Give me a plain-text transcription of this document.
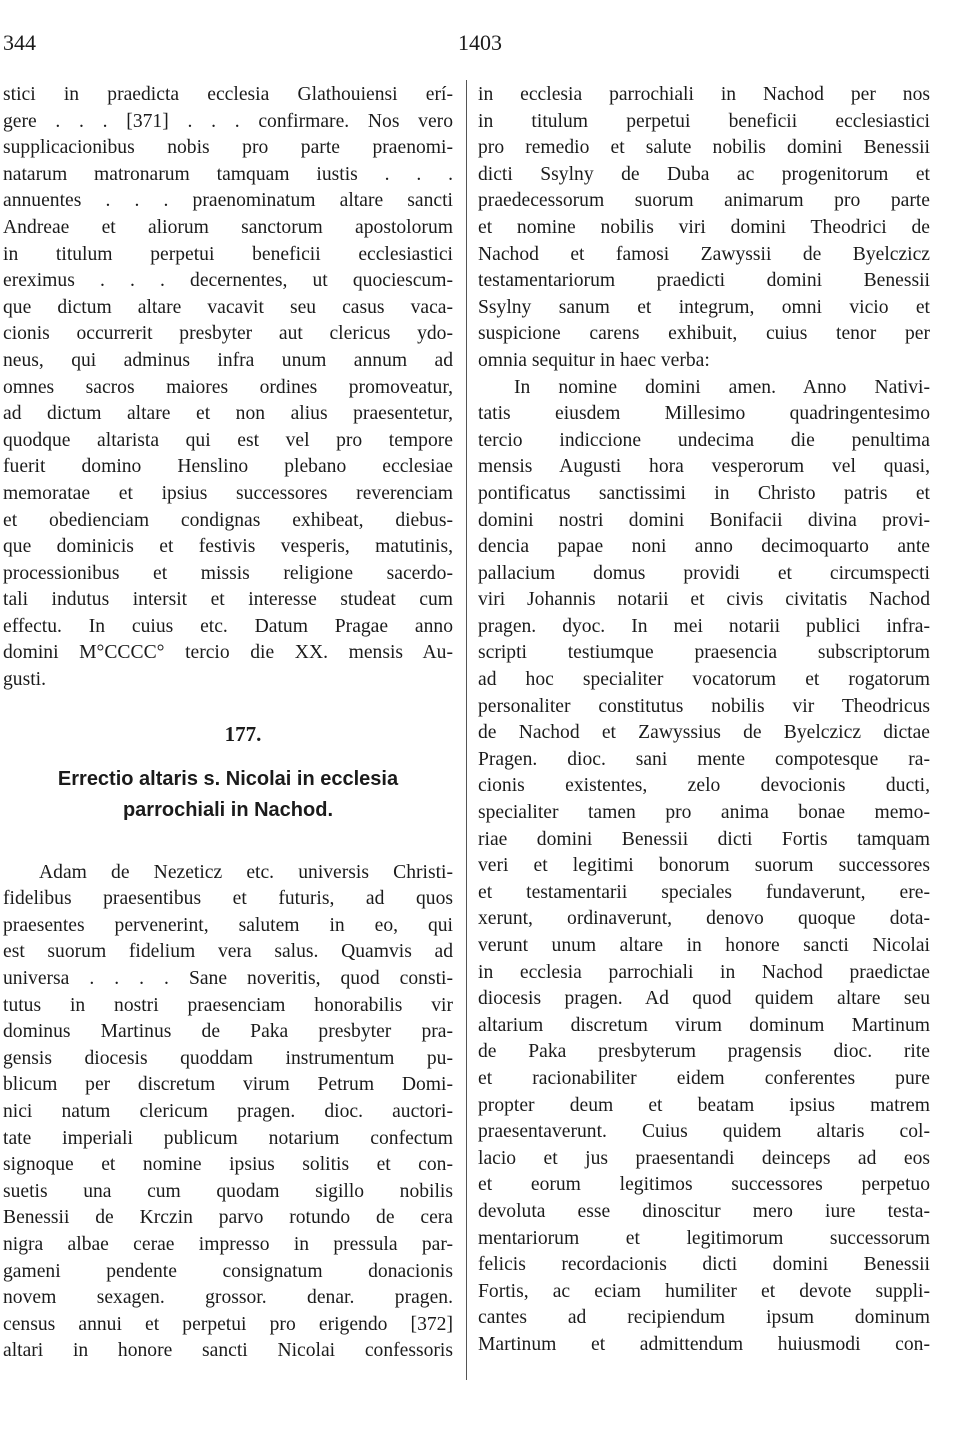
344	1403
stici in praedicta ecclesia Glathouiensi erí-
gere . . . [371] . . . confirmare. Nos vero
supplicacionibus nobis pro parte praenomi-
natarum matronarum tamquam iustis . . .
annuentes . . . praenominatum altare sancti
Andreae et aliorum sanctorum apostolorum
in titulum perpetui beneficii ecclesiastici
ereximus . . . decernentes, ut quociescum-
que dictum altare vacavit seu casus vaca-
cionis occurrerit presbyter aut clericus ydo-
neus, qui adminus infra unum annum ad
omnes sacros maiores ordines promoveatur,
ad dictum altare et non alius praesentetur,
quodque altarista qui est vel pro tempore
fuerit domino Henslino plebano ecclesiae
memoratae et ipsius successores reverenciam
et obedienciam condignas exhibeat, diebus-
que dominicis et festivis vesperis, matutinis,
processionibus et missis religione sacerdo-
tali indutus intersit et interesse studeat cum
effectu. In cuius etc. Datum Pragae anno
domini M°CCCC° tercio die XX. mensis Au-
gusti.
177.
Errectio altaris s. Nicolai in ecclesia
parrochiali in Nachod.
Adam de Nezeticz etc. universis Christi-
fidelibus praesentibus et futuris, ad quos
praesentes pervenerint, salutem in eo, qui
est suorum fidelium vera salus. Quamvis ad
universa . . . . Sane noveritis, quod consti-
tutus in nostri praesenciam honorabilis vir
dominus Martinus de Paka presbyter pra-
gensis diocesis quoddam instrumentum pu-
blicum per discretum virum Petrum Domi-
nici natum clericum pragen. dioc. auctori-
tate imperiali publicum notarium confectum
signoque et nomine ipsius solitis et con-
suetis una cum quodam sigillo nobilis
Benessii de Krczin parvo rotundo de cera
nigra albae cerae impresso in pressula par-
gameni pendente consignatum donacionis
novem sexagen. grossor. denar. pragen.
census annui et perpetui pro erigendo [372]
altari in honore sancti Nicolai confessoris
in ecclesia parrochiali in Nachod per nos
in titulum perpetui beneficii ecclesiastici
pro remedio et salute nobilis domini Benessii
dicti Ssylny de Duba ac progenitorum et
praedecessorum suorum animarum pro parte
et nomine nobilis viri domini Theodrici de
Nachod et famosi Zawyssii de Byelczicz
testamentariorum praedicti domini Benessii
Ssylny sanum et integrum, omni vicio et
suspicione carens exhibuit, cuius tenor per
omnia sequitur in haec verba:
In nomine domini amen. Anno Nativi-
tatis eiusdem Millesimo quadringentesimo
tercio indiccione undecima die penultima
mensis Augusti hora vesperorum vel quasi,
pontificatus sanctissimi in Christo patris et
domini nostri domini Bonifacii divina provi-
dencia papae noni anno decimoquarto ante
pallacium domus providi et circumspecti
viri Johannis notarii et civis civitatis Nachod
pragen. dyoc. In mei notarii publici infra-
scripti testiumque praesencia subscriptorum
ad hoc specialiter vocatorum et rogatorum
personaliter constitutus nobilis vir Theodricus
de Nachod et Zawyssius de Byelczicz dictae
Pragen. dioc. sani mente compotesque ra-
cionis existentes, zelo devocionis ducti,
specialiter tamen pro anima bonae memo-
riae domini Benessii dicti Fortis tamquam
veri et legitimi bonorum suorum successores
et testamentarii speciales fundaverunt, ere-
xerunt, ordinaverunt, denovo quoque dota-
verunt unum altare in honore sancti Nicolai
in ecclesia parrochiali in Nachod praedictae
diocesis pragen. Ad quod quidem altare seu
altarium discretum virum dominum Martinum
de Paka presbyterum pragensis dioc. rite
et racionabiliter eidem conferentes pure
propter deum et beatam ipsius matrem
praesentaverunt. Cuius quidem altaris col-
lacio et jus praesentandi deinceps ad eos
et eorum legitimos successores perpetuo
devoluta esse dinoscitur mero iure testa-
mentariorum et legitimorum successorum
felicis recordacionis dicti domini Benessii
Fortis, ac eciam humiliter et devote suppli-
cantes ad recipiendum ipsum dominum
Martinum et admittendum huiusmodi con-
